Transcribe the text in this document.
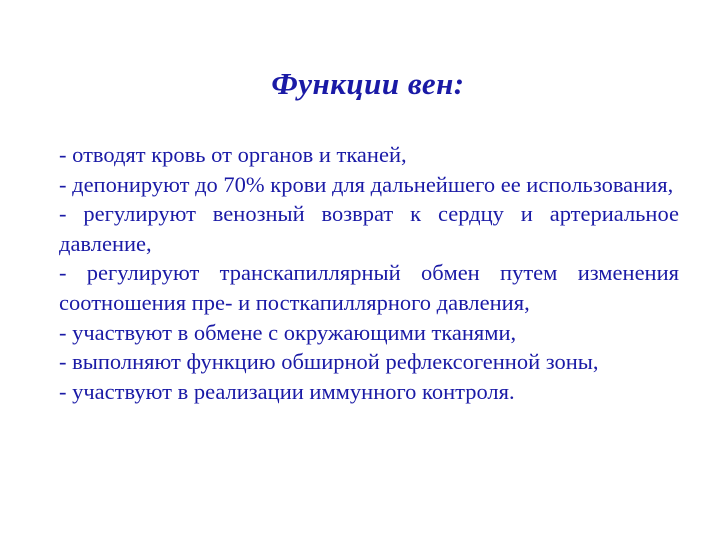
Функции вен:

- отводят кровь от органов и тканей,

- депонируют до 70% крови для дальнейшего ее использования,

- регулируют венозный возврат к сердцу и артериальное давление,

- регулируют транскапиллярный обмен путем изменения соотношения пре- и посткапиллярного давления,

- участвуют в обмене с окружающими тканями,

- выполняют функцию обширной рефлексогенной зоны,

- участвуют в реализации иммунного контроля.
